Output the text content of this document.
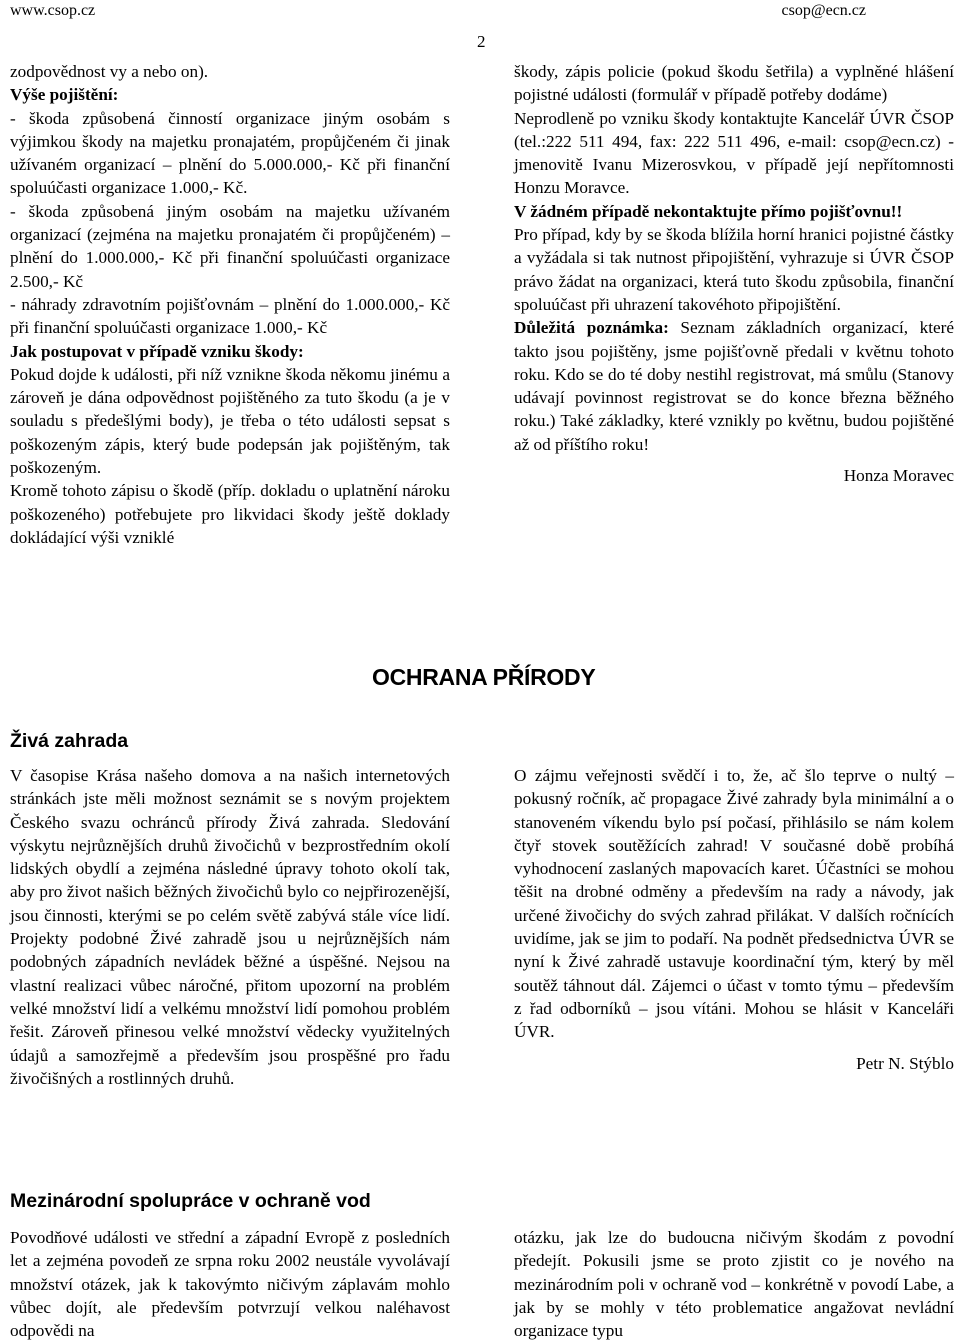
www.csop.cz	csop@ecn.cz
2

zodpovědnost vy a nebo on).

Výše pojištění:

- škoda způsobená činností organizace jiným osobám s výjimkou škody na majetku pronajatém, propůjčeném či jinak užívaném organizací – plnění do 5.000.000,- Kč při finanční spoluúčasti organizace 1.000,- Kč.

- škoda způsobená jiným osobám na majetku užívaném organizací (zejména na majetku pronajatém či propůjčeném) – plnění do 1.000.000,- Kč při finanční spoluúčasti organizace 2.500,- Kč

- náhrady zdravotním pojišťovnám – plnění do 1.000.000,- Kč při finanční spoluúčasti organizace 1.000,- Kč

Jak postupovat v případě vzniku škody:

Pokud dojde k události, při níž vznikne škoda někomu jinému a zároveň je dána odpovědnost pojištěného za tuto škodu (a je v souladu s předešlými body), je třeba o této události sepsat s poškozeným zápis, který bude podepsán jak pojištěným, tak poškozeným.

Kromě tohoto zápisu o škodě (příp. dokladu o uplatnění nároku poškozeného) potřebujete pro likvidaci škody ještě doklady dokládající výši vzniklé

škody, zápis policie (pokud škodu šetřila) a vyplněné hlášení pojistné události (formulář v případě potřeby dodáme)

Neprodleně po vzniku škody kontaktujte Kancelář ÚVR ČSOP (tel.:222 511 494, fax: 222 511 496, e-mail: csop@ecn.cz) - jmenovitě Ivanu Mizerosvkou, v případě její nepřítomnosti Honzu Moravce.

V žádném případě nekontaktujte přímo pojišťovnu!!

Pro případ, kdy by se škoda blížila horní hranici pojistné částky a vyžádala si tak nutnost připojištění, vyhrazuje si ÚVR ČSOP právo žádat na organizaci, která tuto škodu způsobila, finanční spoluúčast při uhrazení takovéhoto připojištění.

Důležitá poznámka: Seznam základních organizací, které takto jsou pojištěny, jsme pojišťovně předali v květnu tohoto roku. Kdo se do té doby nestihl registrovat, má smůlu (Stanovy udávají povinnost registrovat se do konce března běžného roku.) Také základky, které vznikly po květnu, budou pojištěné až od příštího roku!

Honza Moravec

OCHRANA PŘÍRODY
Živá zahrada

V časopise Krása našeho domova a na našich internetových stránkách jste měli možnost seznámit se s novým projektem Českého svazu ochránců přírody Živá zahrada. Sledování výskytu nejrůznějších druhů živočichů v bezprostředním okolí lidských obydlí a zejména následné úpravy tohoto okolí tak, aby pro život našich běžných živočichů bylo co nejpřirozenější, jsou činnosti, kterými se po celém světě zabývá stále více lidí. Projekty podobné Živé zahradě jsou u nejrůznějších nám podobných západních nevládek běžné a úspěšné. Nejsou na vlastní realizaci vůbec náročné, přitom upozorní na problém velké množství lidí a velkému množství lidí pomohou problém řešit. Zároveň přinesou velké množství vědecky využitelných údajů a samozřejmě a především jsou prospěšné pro řadu živočišných a rostlinných druhů.

O zájmu veřejnosti svědčí i to, že, ač šlo teprve o nultý – pokusný ročník, ač propagace Živé zahrady byla minimální a o stanoveném víkendu bylo psí počasí, přihlásilo se nám kolem čtyř stovek soutěžících zahrad! V současné době probíhá vyhodnocení zaslaných mapovacích karet. Účastníci se mohou těšit na drobné odměny a především na rady a návody, jak určené živočichy do svých zahrad přilákat. V dalších ročnících uvidíme, jak se jim to podaří. Na podnět předsednictva ÚVR se nyní k Živé zahradě ustavuje koordinační tým, který by měl soutěž táhnout dál. Zájemci o účast v tomto týmu – především z řad odborníků – jsou vítáni. Mohou se hlásit v Kanceláři ÚVR.

Petr N. Stýblo

Mezinárodní spolupráce v ochraně vod

Povodňové události ve střední a západní Evropě z posledních let a zejména povodeň ze srpna roku 2002 neustále vyvolávají množství otázek, jak k takovýmto ničivým záplavám mohlo vůbec dojít, ale především potvrzují velkou naléhavost odpovědi na

otázku, jak lze do budoucna ničivým škodám z povodní předejít. Pokusili jsme se proto zjistit co je nového na mezinárodním poli v ochraně vod – konkrétně v povodí Labe, a jak by se mohly v této problematice angažovat nevládní organizace typu
